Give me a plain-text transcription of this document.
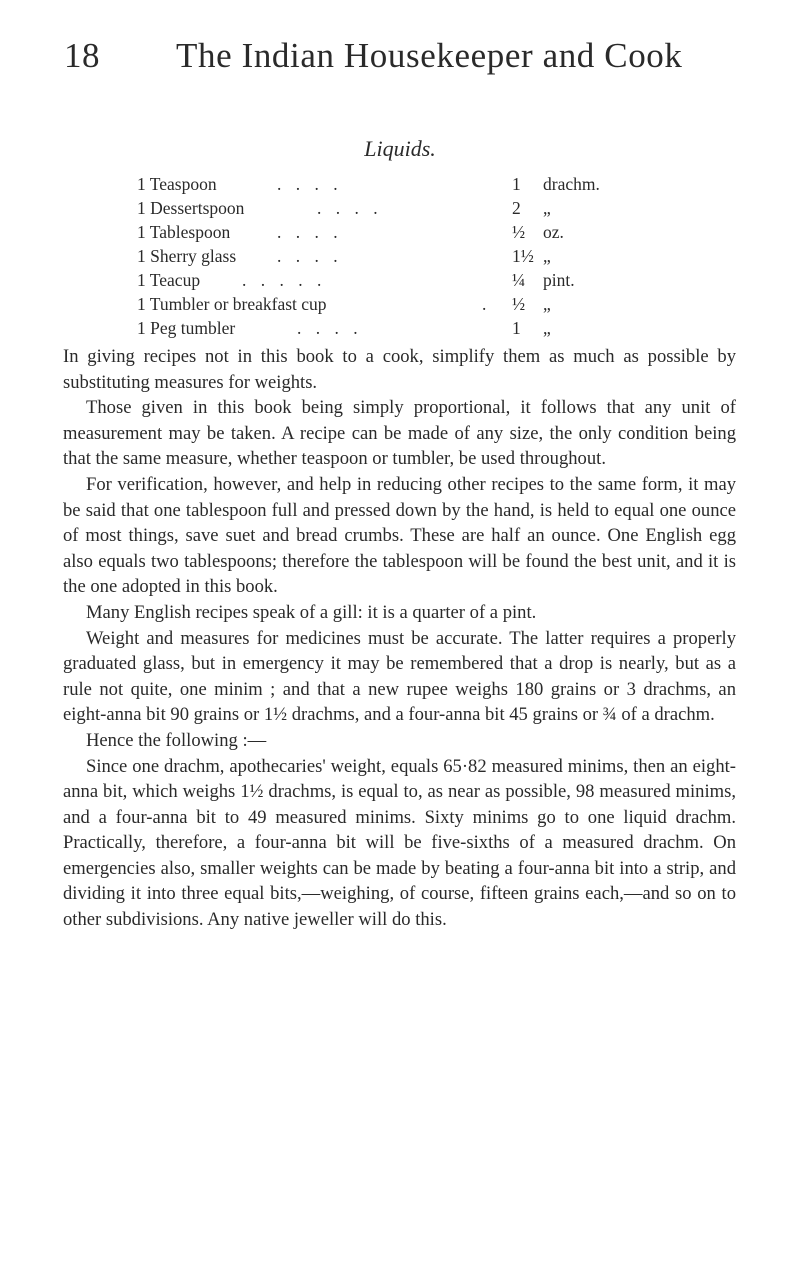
18 The Indian Housekeeper and Cook
Liquids.
1 Teaspoon	. . . .	1 drachm.
1 Dessertspoon	. . . .	2 „
1 Tablespoon	. . . .	½ oz.
1 Sherry glass . . . .	1½ „
1 Teacup . . . . .	¼ pint.
1 Tumbler or breakfast cup	. ½ „
1 Peg tumbler	. . . .	1 „

In giving recipes not in this book to a cook, simplify them as much as possible by substituting measures for weights.

Those given in this book being simply proportional, it follows that any unit of measurement may be taken. A recipe can be made of any size, the only condition being that the same measure, whether teaspoon or tumbler, be used throughout.

For verification, however, and help in reducing other recipes to the same form, it may be said that one tablespoon full and pressed down by the hand, is held to equal one ounce of most things, save suet and bread crumbs. These are half an ounce. One English egg also equals two tablespoons; therefore the tablespoon will be found the best unit, and it is the one adopted in this book.

Many English recipes speak of a gill: it is a quarter of a pint.

Weight and measures for medicines must be accurate. The latter requires a properly graduated glass, but in emergency it may be remembered that a drop is nearly, but as a rule not quite, one minim ; and that a new rupee weighs 180 grains or 3 drachms, an eight-anna bit 90 grains or 1½ drachms, and a four-anna bit 45 grains or ¾ of a drachm.

Hence the following :—

Since one drachm, apothecaries' weight, equals 65·82 measured minims, then an eight-anna bit, which weighs 1½ drachms, is equal to, as near as possible, 98 measured minims, and a four-anna bit to 49 measured minims. Sixty minims go to one liquid drachm. Practically, therefore, a four-anna bit will be five-sixths of a measured drachm. On emergencies also, smaller weights can be made by beating a four-anna bit into a strip, and dividing it into three equal bits,—weighing, of course, fifteen grains each,—and so on to other subdivisions. Any native jeweller will do this.
